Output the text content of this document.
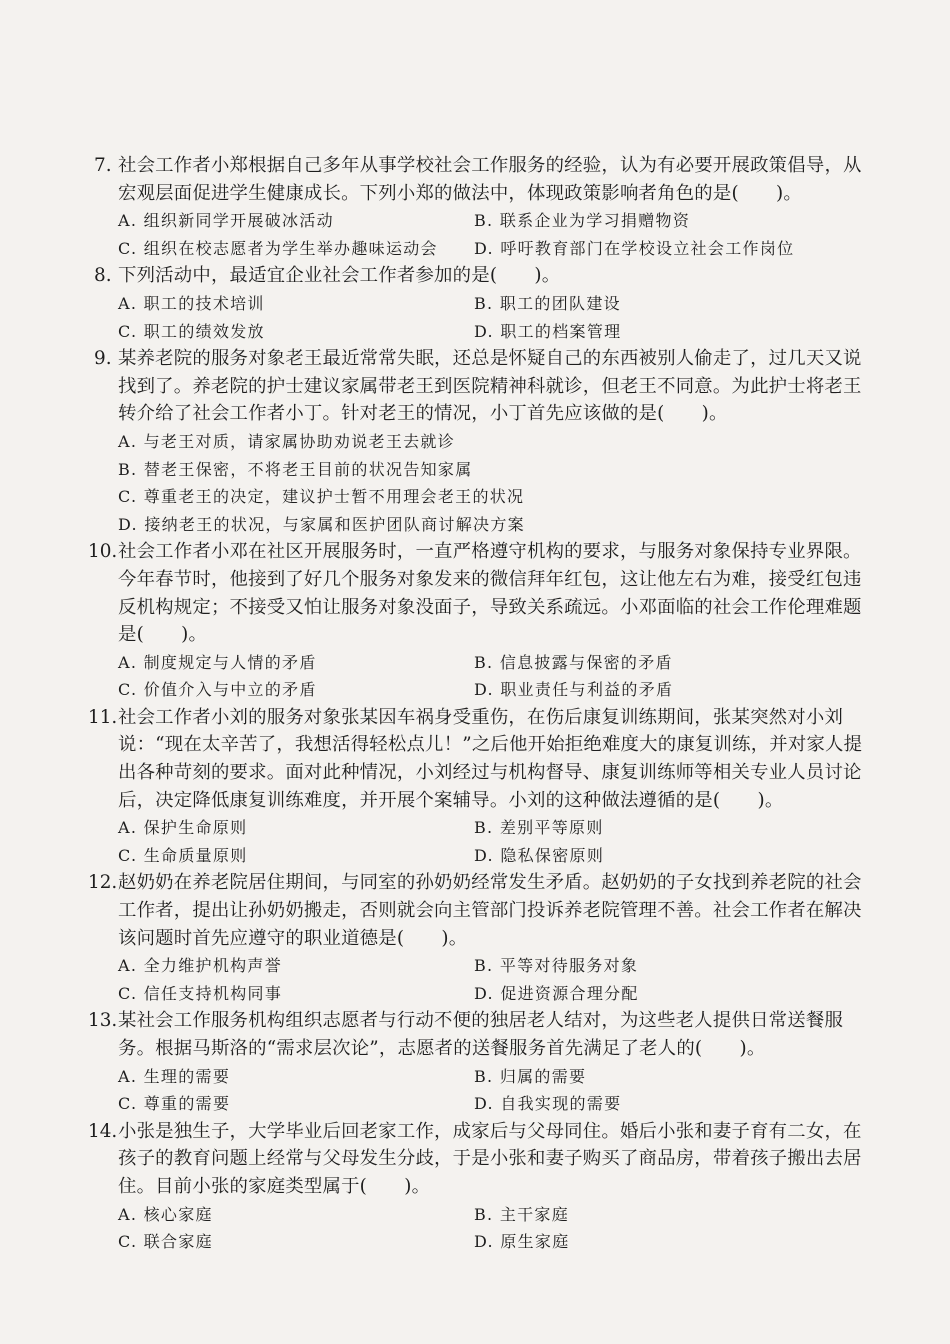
7. 社会工作者小郑根据自己多年从事学校社会工作服务的经验，认为有必要开展政策倡导，从宏观层面促进学生健康成长。下列小郑的做法中，体现政策影响者角色的是(　　)。
A. 组织新同学开展破冰活动	B. 联系企业为学习捐赠物资
C. 组织在校志愿者为学生举办趣味运动会	D. 呼吁教育部门在学校设立社会工作岗位
8. 下列活动中，最适宜企业社会工作者参加的是(　　)。
A. 职工的技术培训	B. 职工的团队建设
C. 职工的绩效发放	D. 职工的档案管理
9. 某养老院的服务对象老王最近常常失眠，还总是怀疑自己的东西被别人偷走了，过几天又说找到了。养老院的护士建议家属带老王到医院精神科就诊，但老王不同意。为此护士将老王转介给了社会工作者小丁。针对老王的情况，小丁首先应该做的是(　　)。
A. 与老王对质，请家属协助劝说老王去就诊
B. 替老王保密，不将老王目前的状况告知家属
C. 尊重老王的决定，建议护士暂不用理会老王的状况
D. 接纳老王的状况，与家属和医护团队商讨解决方案
10. 社会工作者小邓在社区开展服务时，一直严格遵守机构的要求，与服务对象保持专业界限。今年春节时，他接到了好几个服务对象发来的微信拜年红包，这让他左右为难，接受红包违反机构规定；不接受又怕让服务对象没面子，导致关系疏远。小邓面临的社会工作伦理难题是(　　)。
A. 制度规定与人情的矛盾	B. 信息披露与保密的矛盾
C. 价值介入与中立的矛盾	D. 职业责任与利益的矛盾
11. 社会工作者小刘的服务对象张某因车祸身受重伤，在伤后康复训练期间，张某突然对小刘说：“现在太辛苦了，我想活得轻松点儿！”之后他开始拒绝难度大的康复训练，并对家人提出各种苛刻的要求。面对此种情况，小刘经过与机构督导、康复训练师等相关专业人员讨论后，决定降低康复训练难度，并开展个案辅导。小刘的这种做法遵循的是(　　)。
A. 保护生命原则	B. 差别平等原则
C. 生命质量原则	D. 隐私保密原则
12. 赵奶奶在养老院居住期间，与同室的孙奶奶经常发生矛盾。赵奶奶的子女找到养老院的社会工作者，提出让孙奶奶搬走，否则就会向主管部门投诉养老院管理不善。社会工作者在解决该问题时首先应遵守的职业道德是(　　)。
A. 全力维护机构声誉	B. 平等对待服务对象
C. 信任支持机构同事	D. 促进资源合理分配
13. 某社会工作服务机构组织志愿者与行动不便的独居老人结对，为这些老人提供日常送餐服务。根据马斯洛的“需求层次论”，志愿者的送餐服务首先满足了老人的(　　)。
A. 生理的需要	B. 归属的需要
C. 尊重的需要	D. 自我实现的需要
14. 小张是独生子，大学毕业后回老家工作，成家后与父母同住。婚后小张和妻子育有二女，在孩子的教育问题上经常与父母发生分歧，于是小张和妻子购买了商品房，带着孩子搬出去居住。目前小张的家庭类型属于(　　)。
A. 核心家庭	B. 主干家庭
C. 联合家庭	D. 原生家庭
